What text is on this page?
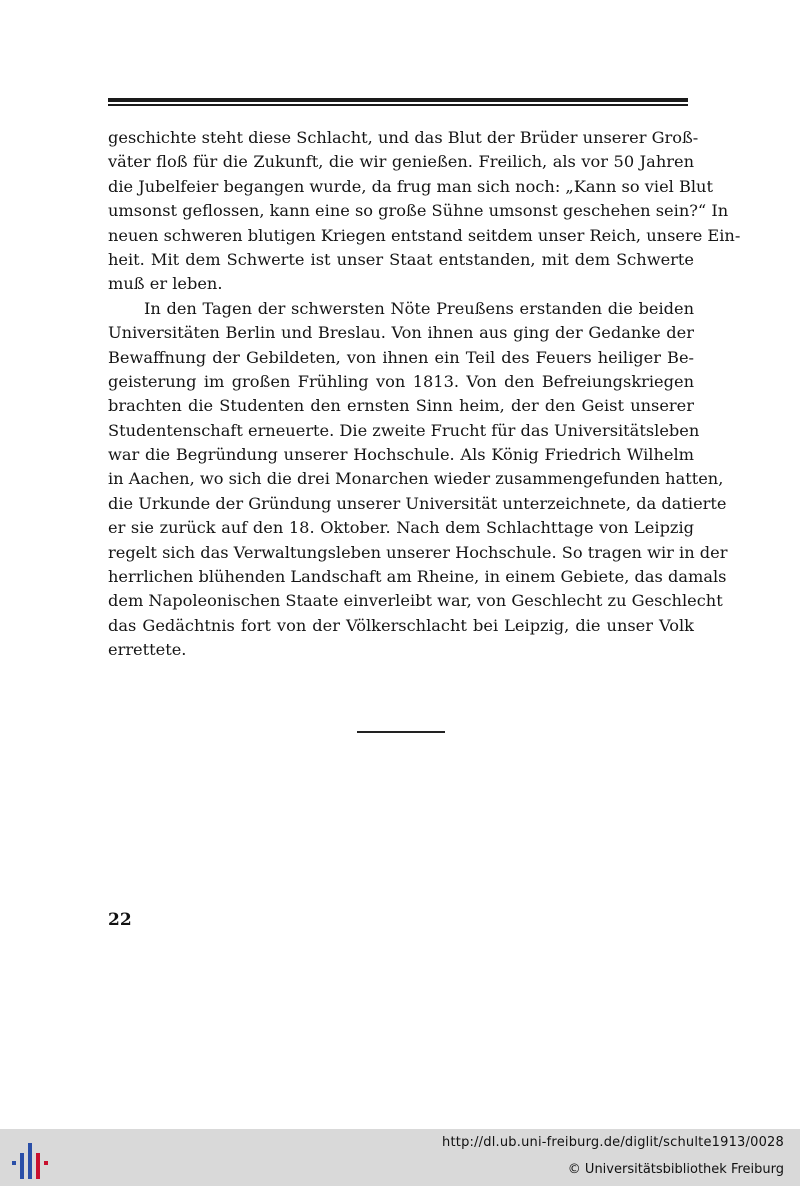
geschichte steht diese Schlacht, und das Blut der Brüder unserer Groß-
väter floß für die Zukunft, die wir genießen. Freilich, als vor 50 Jahren
die Jubelfeier begangen wurde, da frug man sich noch: „Kann so viel Blut
umsonst geflossen, kann eine so große Sühne umsonst geschehen sein?“ In
neuen schweren blutigen Kriegen entstand seitdem unser Reich, unsere Ein-
heit. Mit dem Schwerte ist unser Staat entstanden, mit dem Schwerte
muß er leben.
In den Tagen der schwersten Nöte Preußens erstanden die beiden
Universitäten Berlin und Breslau. Von ihnen aus ging der Gedanke der
Bewaffnung der Gebildeten, von ihnen ein Teil des Feuers heiliger Be-
geisterung im großen Frühling von 1813. Von den Befreiungskriegen
brachten die Studenten den ernsten Sinn heim, der den Geist unserer
Studentenschaft erneuerte. Die zweite Frucht für das Universitätsleben
war die Begründung unserer Hochschule. Als König Friedrich Wilhelm
in Aachen, wo sich die drei Monarchen wieder zusammengefunden hatten,
die Urkunde der Gründung unserer Universität unterzeichnete, da datierte
er sie zurück auf den 18. Oktober. Nach dem Schlachttage von Leipzig
regelt sich das Verwaltungsleben unserer Hochschule. So tragen wir in der
herrlichen blühenden Landschaft am Rheine, in einem Gebiete, das damals
dem Napoleonischen Staate einverleibt war, von Geschlecht zu Geschlecht
das Gedächtnis fort von der Völkerschlacht bei Leipzig, die unser Volk
errettete.
22
http://dl.ub.uni-freiburg.de/diglit/schulte1913/0028
© Universitätsbibliothek Freiburg
